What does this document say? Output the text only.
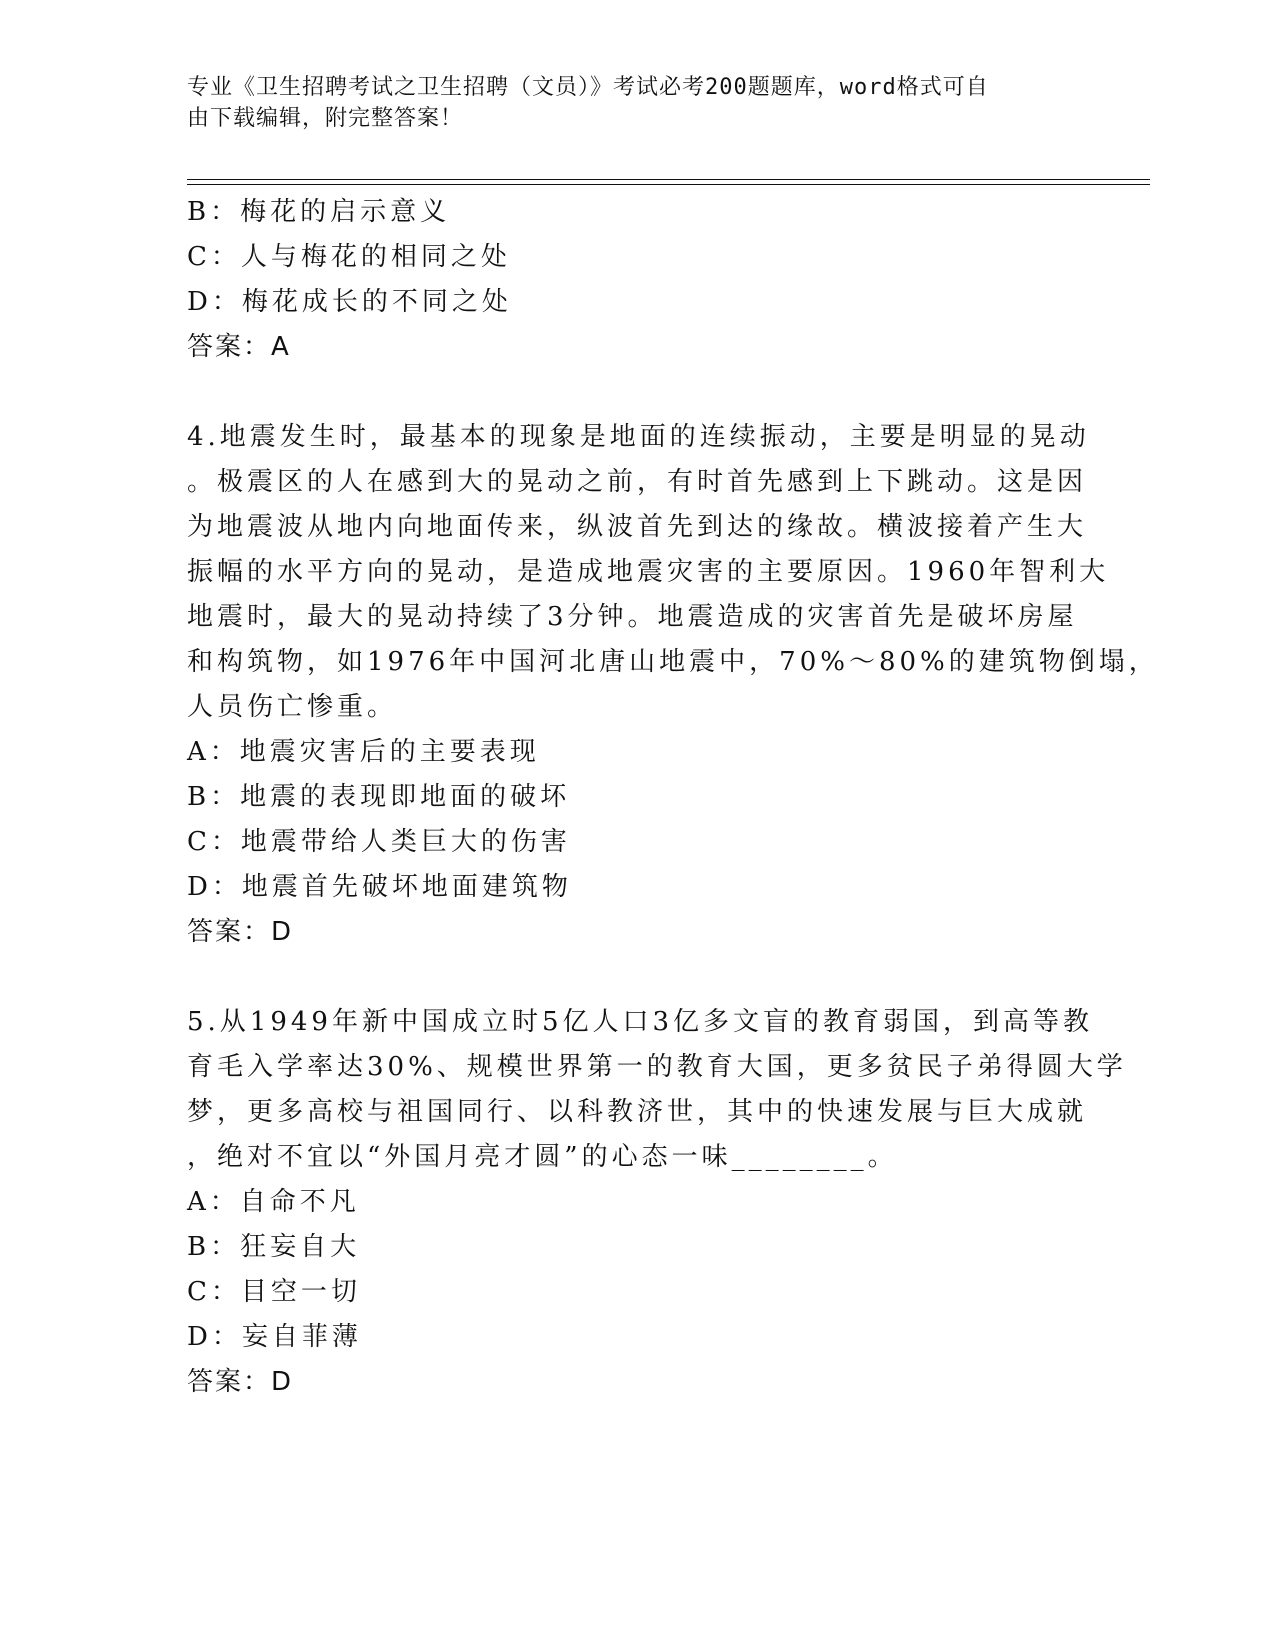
专业《卫生招聘考试之卫生招聘（文员）》考试必考200题题库，word格式可自
由下载编辑，附完整答案！
B：梅花的启示意义
C：人与梅花的相同之处
D：梅花成长的不同之处
答案：A
4.地震发生时，最基本的现象是地面的连续振动，主要是明显的晃动
。极震区的人在感到大的晃动之前，有时首先感到上下跳动。这是因
为地震波从地内向地面传来，纵波首先到达的缘故。横波接着产生大
振幅的水平方向的晃动，是造成地震灾害的主要原因。1960年智利大
地震时，最大的晃动持续了3分钟。地震造成的灾害首先是破坏房屋
和构筑物，如1976年中国河北唐山地震中，70%～80%的建筑物倒塌，
人员伤亡惨重。
A：地震灾害后的主要表现
B：地震的表现即地面的破坏
C：地震带给人类巨大的伤害
D：地震首先破坏地面建筑物
答案：D
5.从1949年新中国成立时5亿人口3亿多文盲的教育弱国，到高等教
育毛入学率达30%、规模世界第一的教育大国，更多贫民子弟得圆大学
梦，更多高校与祖国同行、以科教济世，其中的快速发展与巨大成就
，绝对不宜以“外国月亮才圆”的心态一味________。
A：自命不凡
B：狂妄自大
C：目空一切
D：妄自菲薄
答案：D
